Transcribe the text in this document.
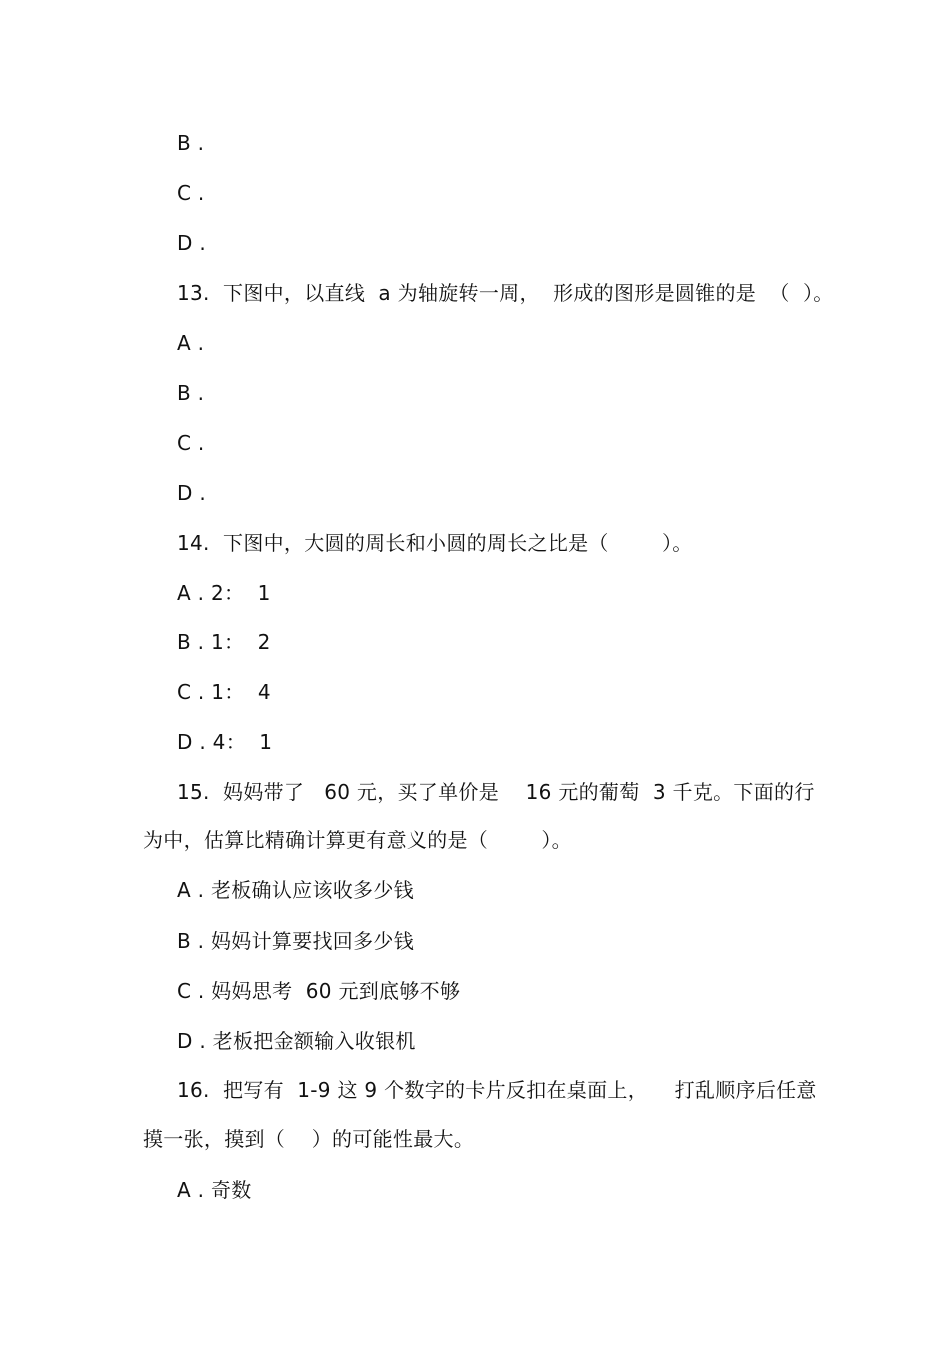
B .
C .
D .
13.  下图中，以直线  a 为轴旋转一周，  形成的图形是圆锥的是  （  ）。
A .
B .
C .
D .
14.  下图中，大圆的周长和小圆的周长之比是（        ）。
A . 2：  1
B . 1：  2
C . 1：  4
D . 4：  1
15.  妈妈带了   60 元，买了单价是    16 元的葡萄  3 千克。下面的行
为中，估算比精确计算更有意义的是（        ）。
A . 老板确认应该收多少钱
B . 妈妈计算要找回多少钱
C . 妈妈思考  60 元到底够不够
D . 老板把金额输入收银机
16.  把写有  1-9 这 9 个数字的卡片反扣在桌面上，    打乱顺序后任意
摸一张，摸到（    ）的可能性最大。
A . 奇数
